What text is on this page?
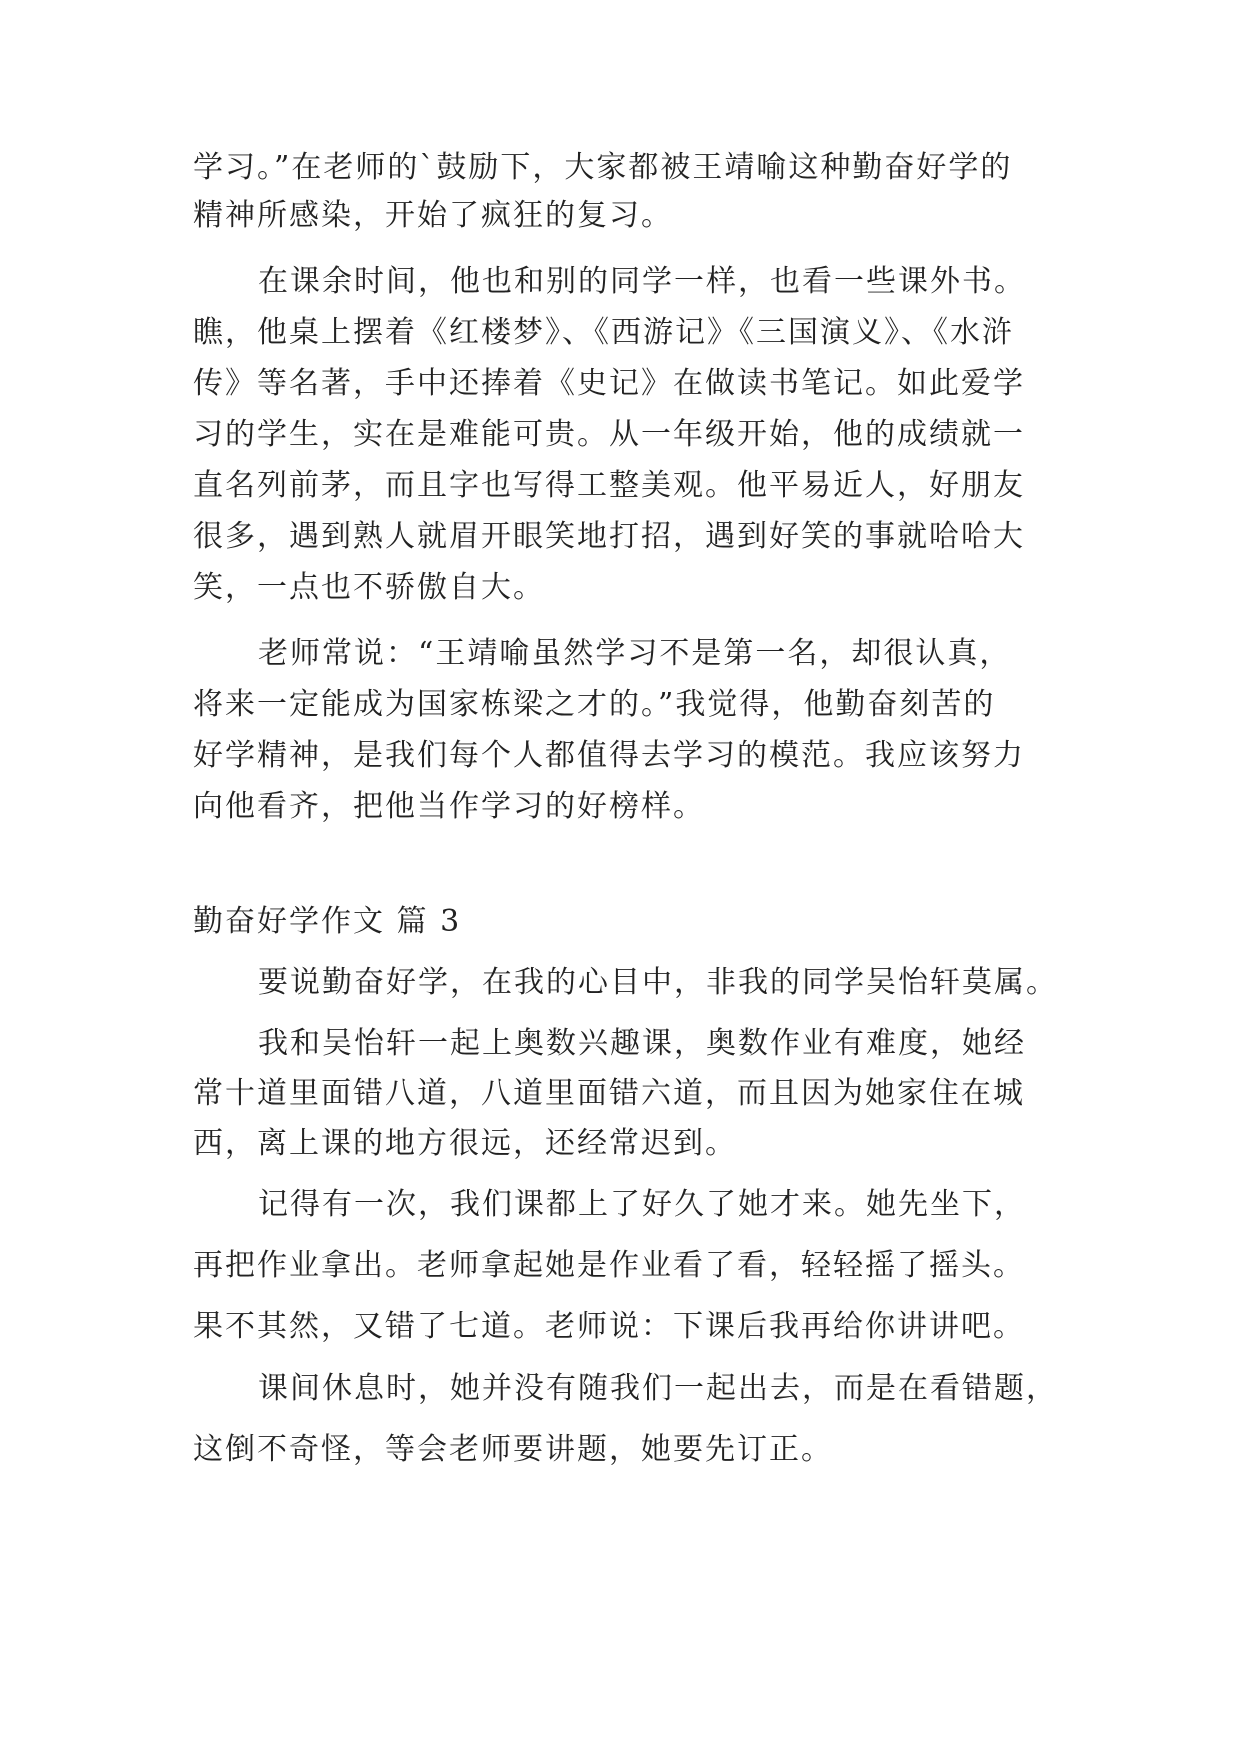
学习。”在老师的`鼓励下，大家都被王靖喻这种勤奋好学的
精神所感染，开始了疯狂的复习。
在课余时间，他也和别的同学一样，也看一些课外书。
瞧，他桌上摆着《红楼梦》、《西游记》《三国演义》、《水浒
传》等名著，手中还捧着《史记》在做读书笔记。如此爱学
习的学生，实在是难能可贵。从一年级开始，他的成绩就一
直名列前茅，而且字也写得工整美观。他平易近人，好朋友
很多，遇到熟人就眉开眼笑地打招，遇到好笑的事就哈哈大
笑，一点也不骄傲自大。
老师常说：“王靖喻虽然学习不是第一名，却很认真，
将来一定能成为国家栋梁之才的。”我觉得，他勤奋刻苦的
好学精神，是我们每个人都值得去学习的模范。我应该努力
向他看齐，把他当作学习的好榜样。
勤奋好学作文 篇 3
要说勤奋好学，在我的心目中，非我的同学吴怡轩莫属。
我和吴怡轩一起上奥数兴趣课，奥数作业有难度，她经
常十道里面错八道，八道里面错六道，而且因为她家住在城
西，离上课的地方很远，还经常迟到。
记得有一次，我们课都上了好久了她才来。她先坐下，
再把作业拿出。老师拿起她是作业看了看，轻轻摇了摇头。
果不其然，又错了七道。老师说：下课后我再给你讲讲吧。
课间休息时，她并没有随我们一起出去，而是在看错题，
这倒不奇怪，等会老师要讲题，她要先订正。
